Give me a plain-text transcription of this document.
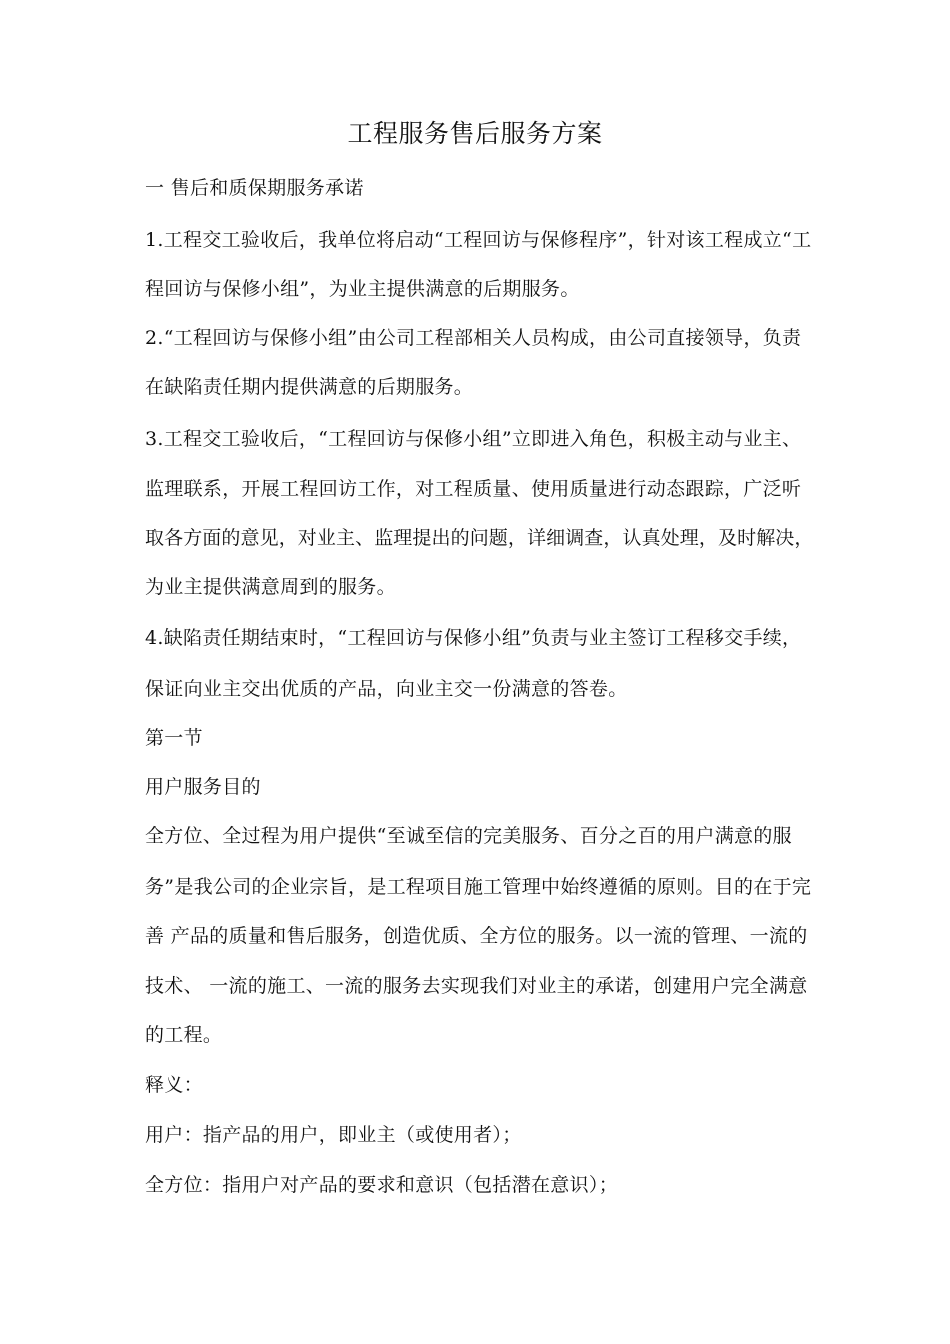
工程服务售后服务方案
一 售后和质保期服务承诺
1.工程交工验收后，我单位将启动“工程回访与保修程序”，针对该工程成立“工
程回访与保修小组”，为业主提供满意的后期服务。
2.“工程回访与保修小组”由公司工程部相关人员构成，由公司直接领导，负责
在缺陷责任期内提供满意的后期服务。
3.工程交工验收后，“工程回访与保修小组”立即进入角色，积极主动与业主、
监理联系，开展工程回访工作，对工程质量、使用质量进行动态跟踪，广泛听
取各方面的意见，对业主、监理提出的问题，详细调查，认真处理，及时解决，
为业主提供满意周到的服务。
4.缺陷责任期结束时，“工程回访与保修小组”负责与业主签订工程移交手续，
保证向业主交出优质的产品，向业主交一份满意的答卷。
第一节
用户服务目的
全方位、全过程为用户提供“至诚至信的完美服务、百分之百的用户满意的服
务”是我公司的企业宗旨，是工程项目施工管理中始终遵循的原则。目的在于完
善 产品的质量和售后服务，创造优质、全方位的服务。以一流的管理、一流的
技术、 一流的施工、一流的服务去实现我们对业主的承诺，创建用户完全满意
的工程。
释义：
用户：指产品的用户，即业主（或使用者）；
全方位：指用户对产品的要求和意识（包括潜在意识）；
